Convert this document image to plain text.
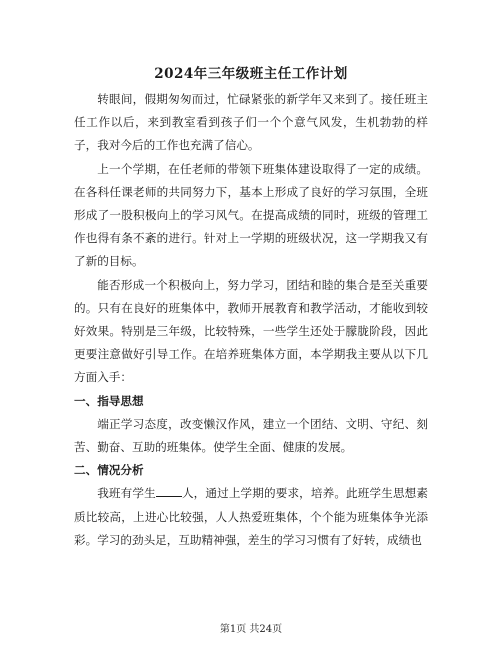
2024年三年级班主任工作计划

转眼间，假期匆匆而过，忙碌紧张的新学年又来到了。接任班主任工作以后，来到教室看到孩子们一个个意气风发，生机勃勃的样子，我对今后的工作也充满了信心。

上一个学期，在任老师的带领下班集体建设取得了一定的成绩。在各科任课老师的共同努力下，基本上形成了良好的学习氛围，全班形成了一股积极向上的学习风气。在提高成绩的同时，班级的管理工作也得有条不紊的进行。针对上一学期的班级状况，这一学期我又有了新的目标。

能否形成一个积极向上，努力学习，团结和睦的集合是至关重要的。只有在良好的班集体中，教师开展教育和教学活动，才能收到较好效果。特别是三年级，比较特殊，一些学生还处于朦胧阶段，因此更要注意做好引导工作。在培养班集体方面，本学期我主要从以下几方面入手：

一、指导思想

端正学习态度，改变懒汉作风，建立一个团结、文明、守纪、刻苦、勤奋、互助的班集体。使学生全面、健康的发展。

二、情况分析

我班有学生 人，通过上学期的要求，培养。此班学生思想素质比较高，上进心比较强，人人热爱班集体，个个能为班集体争光添彩。学习的劲头足，互助精神强，差生的学习习惯有了好转，成绩也

第1页 共24页
